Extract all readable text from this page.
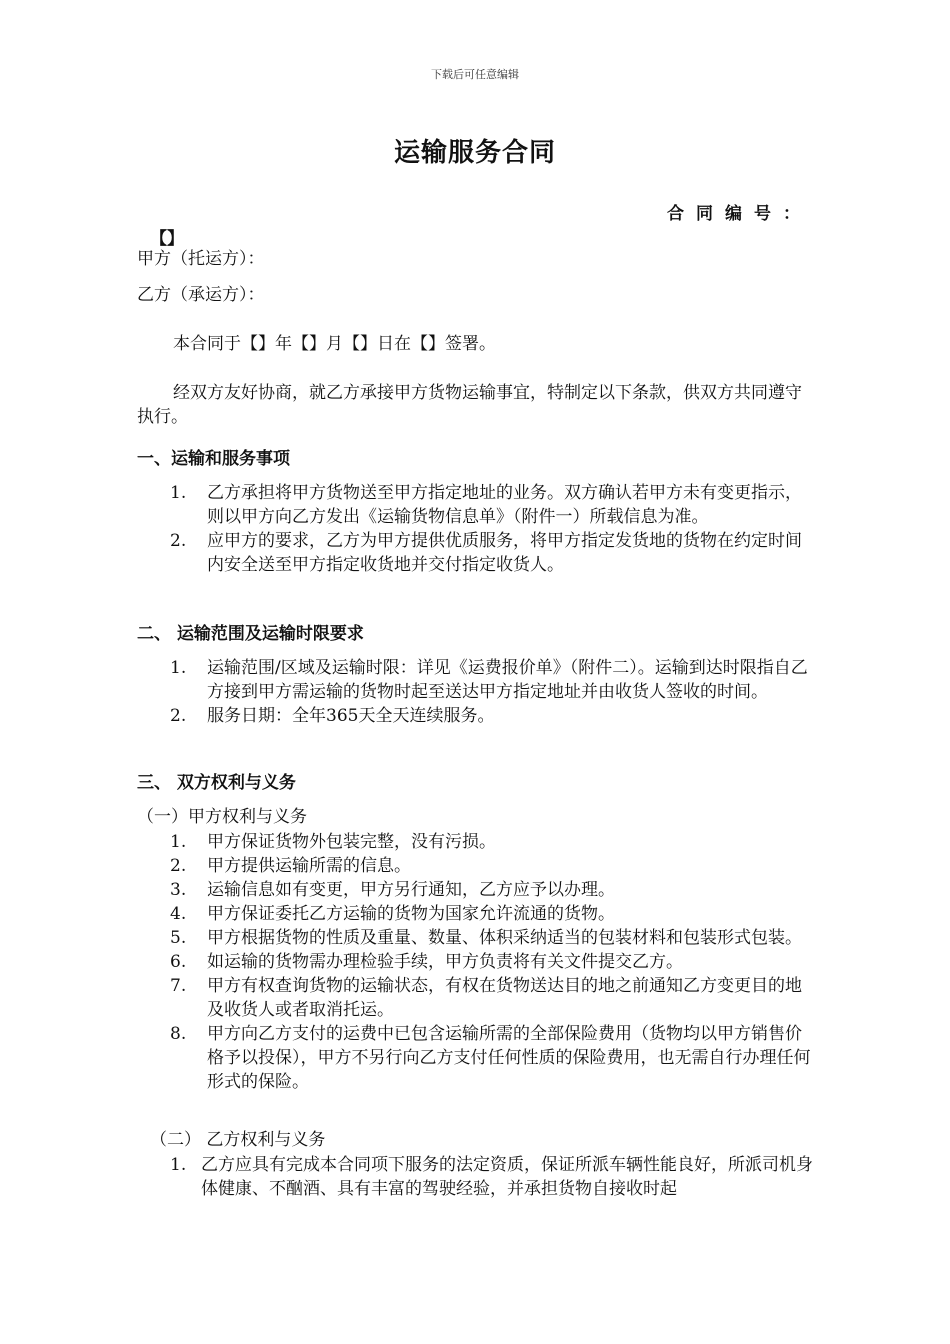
下载后可任意编辑
运输服务合同
合同编号：
【】
甲方（托运方）：
乙方（承运方）：
本合同于【】年【】月【】日在【】签署。
经双方友好协商，就乙方承接甲方货物运输事宜，特制定以下条款，供双方共同遵守执行。
一、运输和服务事项
1. 乙方承担将甲方货物送至甲方指定地址的业务。双方确认若甲方未有变更指示，则以甲方向乙方发出《运输货物信息单》（附件一）所载信息为准。
2. 应甲方的要求，乙方为甲方提供优质服务，将甲方指定发货地的货物在约定时间内安全送至甲方指定收货地并交付指定收货人。
二、 运输范围及运输时限要求
1. 运输范围/区域及运输时限：详见《运费报价单》（附件二）。运输到达时限指自乙方接到甲方需运输的货物时起至送达甲方指定地址并由收货人签收的时间。
2. 服务日期：全年365天全天连续服务。
三、 双方权利与义务
（一）甲方权利与义务
1. 甲方保证货物外包装完整，没有污损。
2. 甲方提供运输所需的信息。
3. 运输信息如有变更，甲方另行通知，乙方应予以办理。
4. 甲方保证委托乙方运输的货物为国家允许流通的货物。
5. 甲方根据货物的性质及重量、数量、体积采纳适当的包装材料和包装形式包装。
6. 如运输的货物需办理检验手续，甲方负责将有关文件提交乙方。
7. 甲方有权查询货物的运输状态，有权在货物送达目的地之前通知乙方变更目的地及收货人或者取消托运。
8. 甲方向乙方支付的运费中已包含运输所需的全部保险费用（货物均以甲方销售价格予以投保），甲方不另行向乙方支付任何性质的保险费用，也无需自行办理任何形式的保险。
（二） 乙方权利与义务
1. 乙方应具有完成本合同项下服务的法定资质，保证所派车辆性能良好，所派司机身体健康、不酗酒、具有丰富的驾驶经验，并承担货物自接收时起
